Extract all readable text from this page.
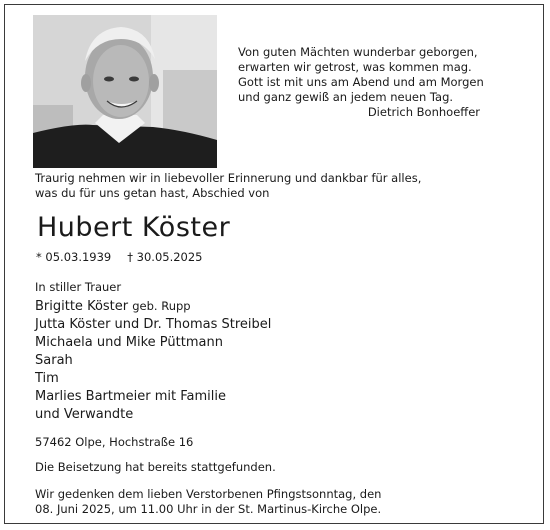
Von guten Mächten wunderbar geborgen,
erwarten wir getrost, was kommen mag.
Gott ist mit uns am Abend und am Morgen
und ganz gewiß an jedem neuen Tag.
Dietrich Bonhoeffer
Traurig nehmen wir in liebevoller Erinnerung und dankbar für alles,
was du für uns getan hast, Abschied von
Hubert Köster
* 05.03.1939 † 30.05.2025
In stiller Trauer
Brigitte Köster geb. Rupp
Jutta Köster und Dr. Thomas Streibel
Michaela und Mike Püttmann
Sarah
Tim
Marlies Bartmeier mit Familie
und Verwandte
57462 Olpe, Hochstraße 16
Die Beisetzung hat bereits stattgefunden.
Wir gedenken dem lieben Verstorbenen Pfingstsonntag, den
08. Juni 2025, um 11.00 Uhr in der St. Martinus-Kirche Olpe.
